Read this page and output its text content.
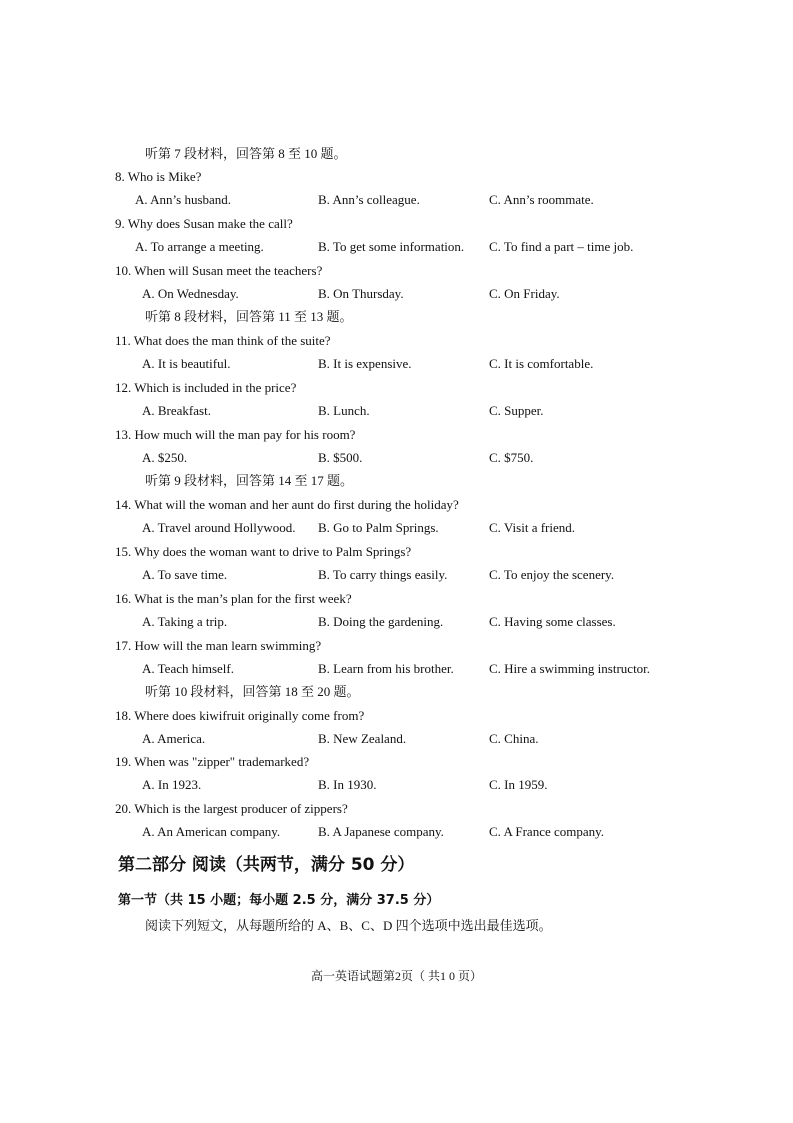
听第 7 段材料，回答第 8 至 10 题。
8. Who is Mike?
A. Ann’s husband.	B. Ann’s colleague.	C. Ann’s roommate.
9. Why does Susan make the call?
A. To arrange a meeting.	B. To get some information. C. To find a part – time job.
10. When will Susan meet the teachers?
A. On Wednesday.	B. On Thursday.	C. On Friday.
听第 8 段材料，回答第 11 至 13 题。
11. What does the man think of the suite?
A. It is beautiful.	B. It is expensive.	C. It is comfortable.
12. Which is included in the price?
A. Breakfast.	B. Lunch.	C. Supper.
13. How much will the man pay for his room?
A. $250.	B. $500.	C. $750.
听第 9 段材料，回答第 14 至 17 题。
14. What will the woman and her aunt do first during the holiday?
A. Travel around Hollywood. B. Go to Palm Springs.	C. Visit a friend.
15. Why does the woman want to drive to Palm Springs?
A. To save time.	B. To carry things easily.	C. To enjoy the scenery.
16. What is the man’s plan for the first week?
A. Taking a trip.	B. Doing the gardening.	C. Having some classes.
17. How will the man learn swimming?
A. Teach himself.	B. Learn from his brother.	C. Hire a swimming instructor.
听第 10 段材料，回答第 18 至 20 题。
18. Where does kiwifruit originally come from?
A. America.	B. New Zealand.	C. China.
19. When was "zipper" trademarked?
A. In 1923.	B. In 1930.	C. In 1959.
20. Which is the largest producer of zippers?
A. An American company.	B. A Japanese company.	C. A France company.
第二部分 阅读（共两节，满分 50 分）
第一节（共 15 小题；每小题 2.5 分，满分 37.5 分）
阅读下列短文，从每题所给的 A、B、C、D 四个选项中选出最佳选项。
高一英语试题第2页（ 共1 0 页）
